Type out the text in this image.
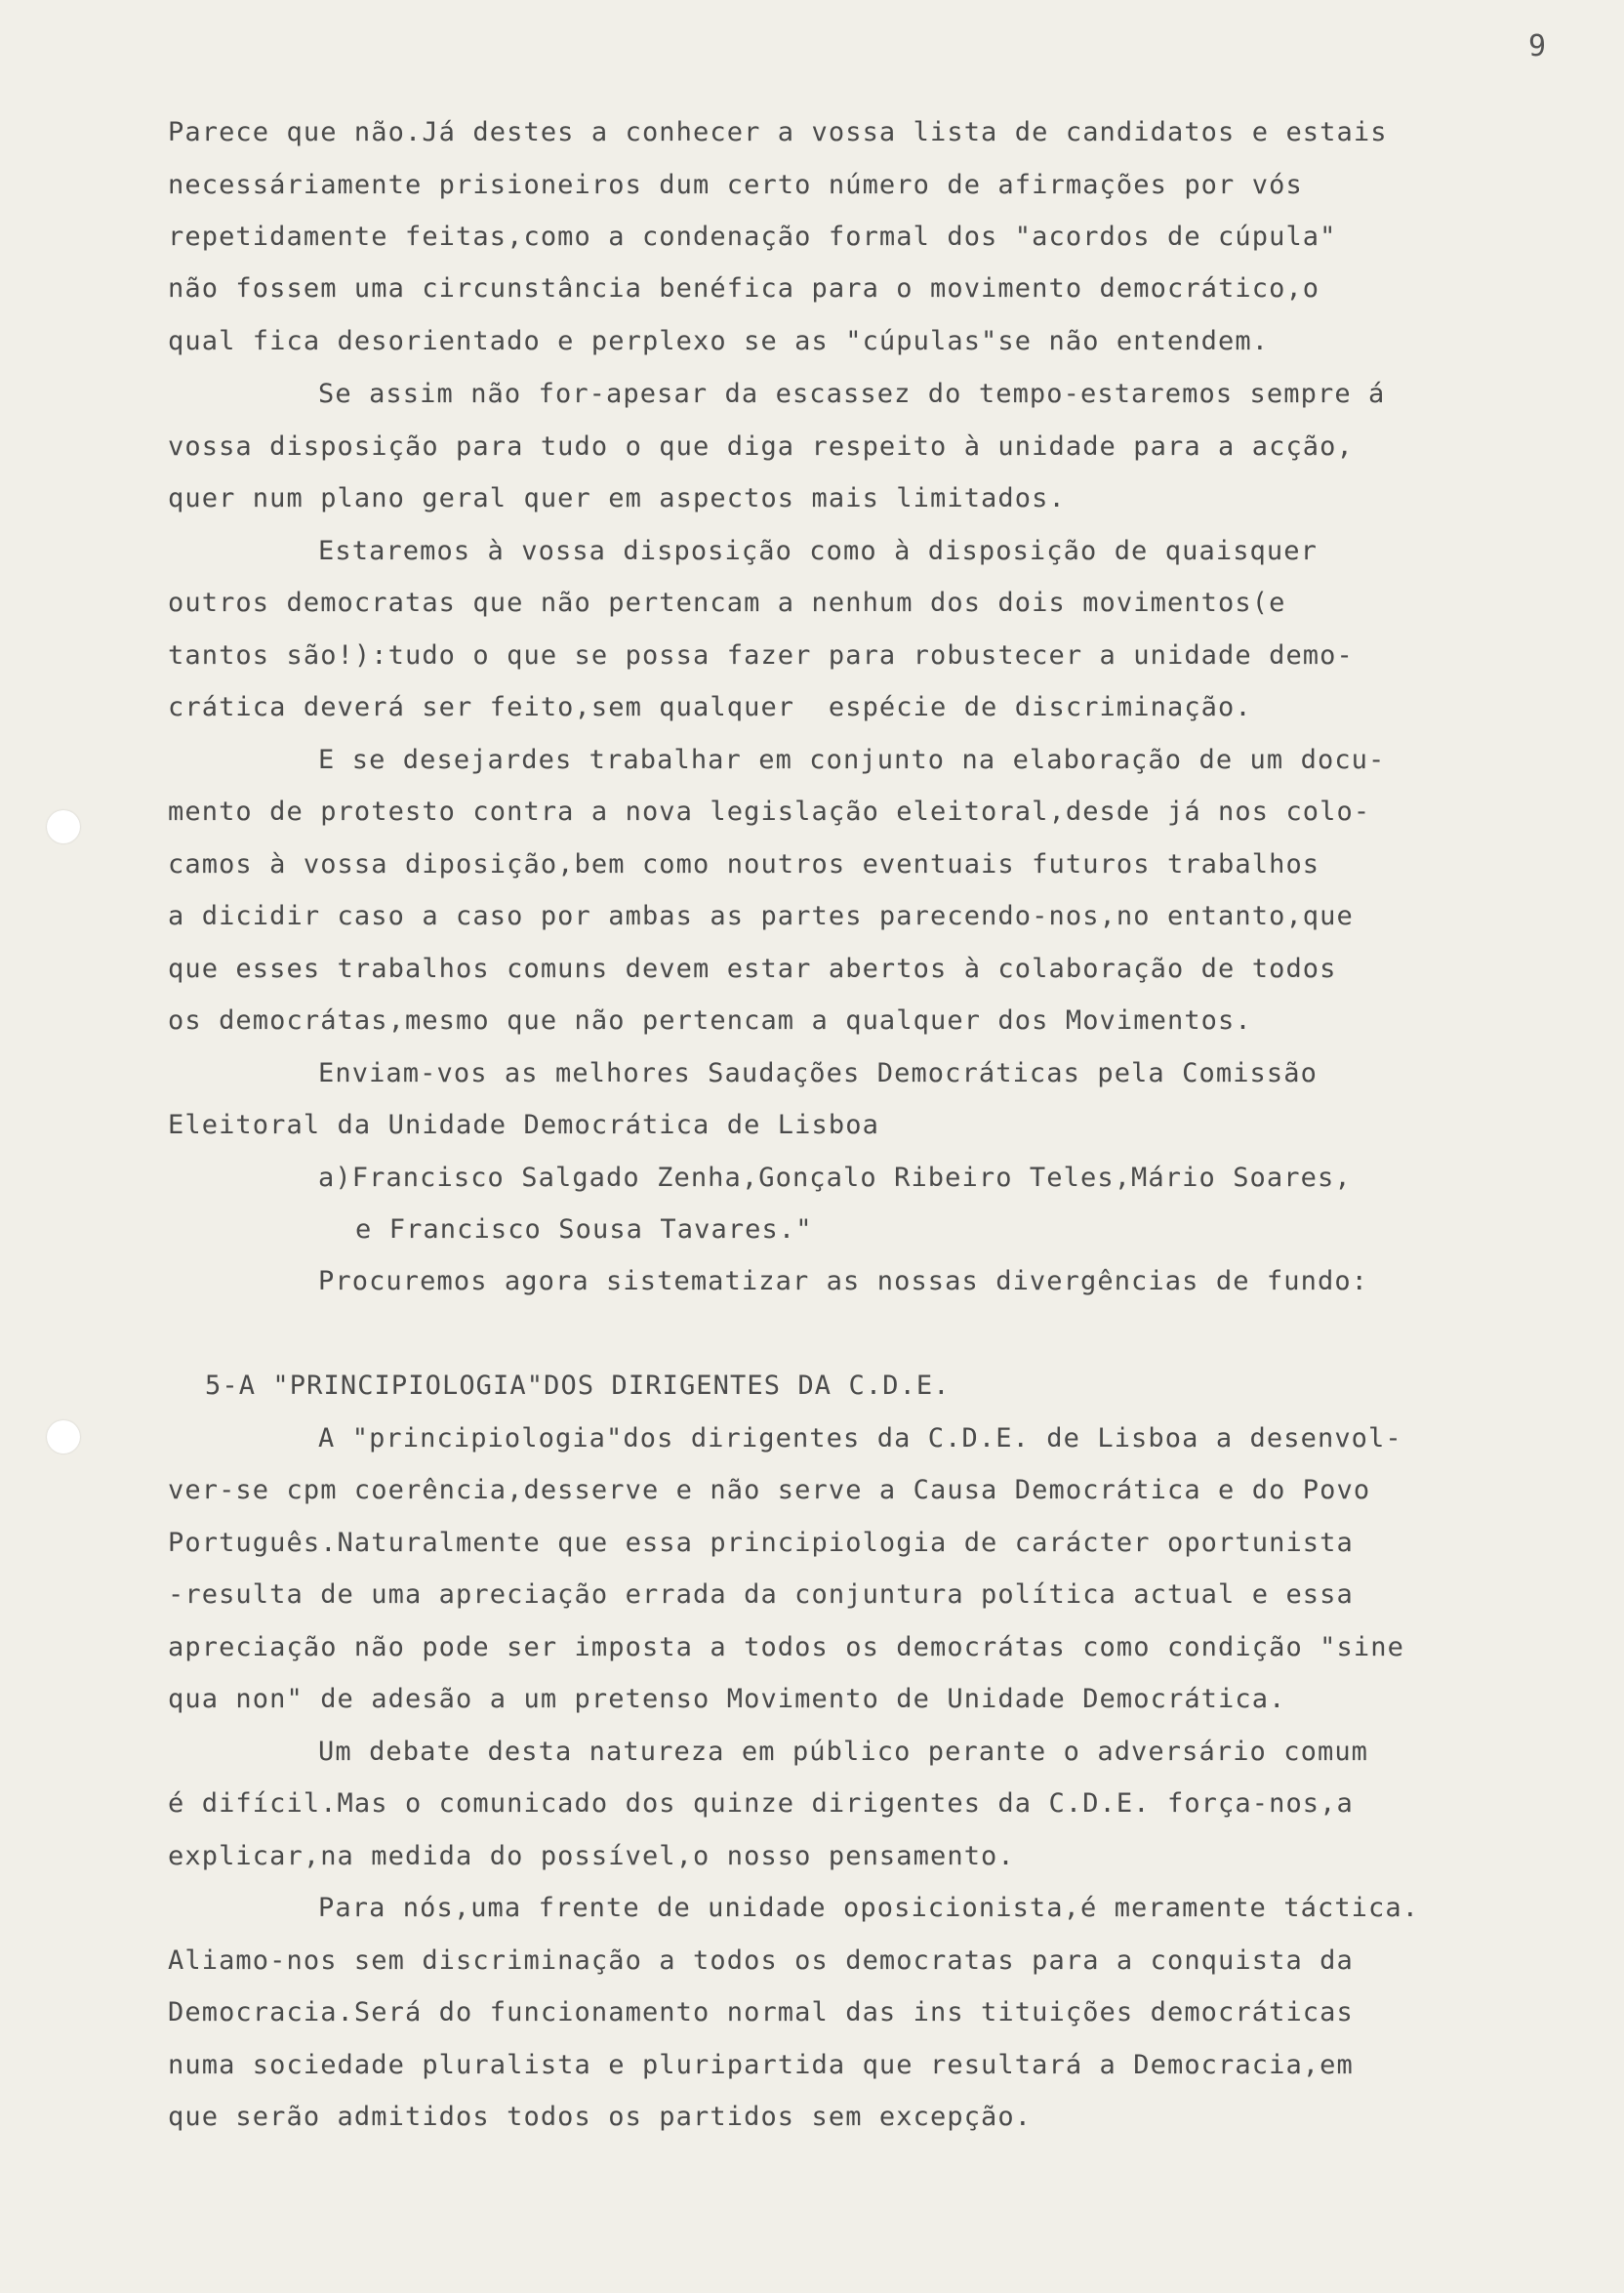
9
Parece que não.Já destes a conhecer a vossa lista de candidatos e estais
necessáriamente prisioneiros dum certo número de afirmações por vós
repetidamente feitas,como a condenação formal dos "acordos de cúpula"
não fossem uma circunstância benéfica para o movimento democrático,o
qual fica desorientado e perplexo se as "cúpulas"se não entendem.
Se assim não for-apesar da escassez do tempo-estaremos sempre á
vossa disposição para tudo o que diga respeito à unidade para a acção,
quer num plano geral quer em aspectos mais limitados.
Estaremos à vossa disposição como à disposição de quaisquer
outros democratas que não pertencam a nenhum dos dois movimentos(e
tantos são!):tudo o que se possa fazer para robustecer a unidade demo-
crática deverá ser feito,sem qualquer  espécie de discriminação.
E se desejardes trabalhar em conjunto na elaboração de um docu-
mento de protesto contra a nova legislação eleitoral,desde já nos colo-
camos à vossa diposição,bem como noutros eventuais futuros trabalhos
a dicidir caso a caso por ambas as partes parecendo-nos,no entanto,que
que esses trabalhos comuns devem estar abertos à colaboração de todos
os democrátas,mesmo que não pertencam a qualquer dos Movimentos.
Enviam-vos as melhores Saudações Democráticas pela Comissão
Eleitoral da Unidade Democrática de Lisboa
a)Francisco Salgado Zenha,Gonçalo Ribeiro Teles,Mário Soares,
e Francisco Sousa Tavares."
Procuremos agora sistematizar as nossas divergências de fundo:
5-A "PRINCIPIOLOGIA"DOS DIRIGENTES DA C.D.E.
A "principiologia"dos dirigentes da C.D.E. de Lisboa a desenvol-
ver-se cpm coerência,desserve e não serve a Causa Democrática e do Povo
Português.Naturalmente que essa principiologia de carácter oportunista
-resulta de uma apreciação errada da conjuntura política actual e essa
apreciação não pode ser imposta a todos os democrátas como condição "sine
qua non" de adesão a um pretenso Movimento de Unidade Democrática.
Um debate desta natureza em público perante o adversário comum
é difícil.Mas o comunicado dos quinze dirigentes da C.D.E. força-nos,a
explicar,na medida do possível,o nosso pensamento.
Para nós,uma frente de unidade oposicionista,é meramente táctica.
Aliamo-nos sem discriminação a todos os democratas para a conquista da
Democracia.Será do funcionamento normal das ins tituições democráticas
numa sociedade pluralista e pluripartida que resultará a Democracia,em
que serão admitidos todos os partidos sem excepção.
